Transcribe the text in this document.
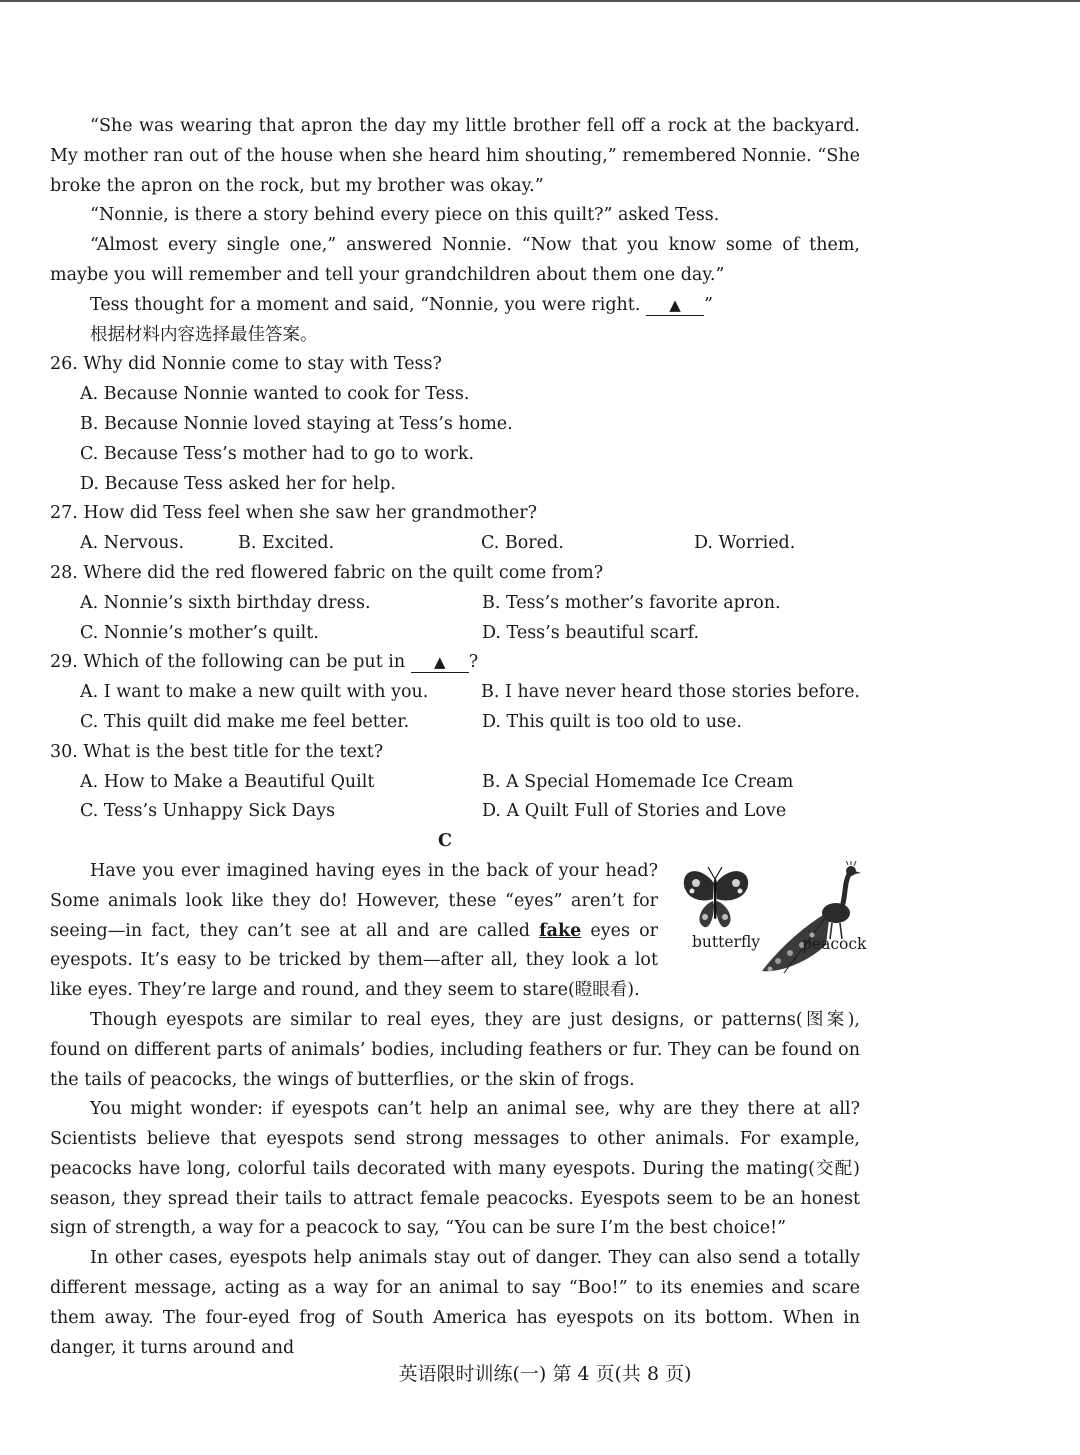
“She was wearing that apron the day my little brother fell off a rock at the backyard. My mother ran out of the house when she heard him shouting,” remembered Nonnie. “She broke the apron on the rock, but my brother was okay.”

“Nonnie, is there a story behind every piece on this quilt?” asked Tess.

“Almost every single one,” answered Nonnie. “Now that you know some of them, maybe you will remember and tell your grandchildren about them one day.”

Tess thought for a moment and said, “Nonnie, you were right. ▲ ”
根据材料内容选择最佳答案。
26. Why did Nonnie come to stay with Tess?
A. Because Nonnie wanted to cook for Tess.
B. Because Nonnie loved staying at Tess’s home.
C. Because Tess’s mother had to go to work.
D. Because Tess asked her for help.
27. How did Tess feel when she saw her grandmother?
A. Nervous.	B. Excited.	C. Bored.	D. Worried.
28. Where did the red flowered fabric on the quilt come from?
A. Nonnie’s sixth birthday dress.	B. Tess’s mother’s favorite apron.
C. Nonnie’s mother’s quilt.	D. Tess’s beautiful scarf.
29. Which of the following can be put in ▲ ?
A. I want to make a new quilt with you.	B. I have never heard those stories before.
C. This quilt did make me feel better.	D. This quilt is too old to use.
30. What is the best title for the text?
A. How to Make a Beautiful Quilt	B. A Special Homemade Ice Cream
C. Tess’s Unhappy Sick Days	D. A Quilt Full of Stories and Love
C

Have you ever imagined having eyes in the back of your head? Some animals look like they do! However, these “eyes” aren’t for seeing—in fact, they can’t see at all and are called fake eyes or eyespots. It’s easy to be tricked by them—after all, they look a lot like eyes. They’re large and round, and they seem to stare(瞪眼看).

butterfly	peacock

Though eyespots are similar to real eyes, they are just designs, or patterns(图案), found on different parts of animals’ bodies, including feathers or fur. They can be found on the tails of peacocks, the wings of butterflies, or the skin of frogs.

You might wonder: if eyespots can’t help an animal see, why are they there at all? Scientists believe that eyespots send strong messages to other animals. For example, peacocks have long, colorful tails decorated with many eyespots. During the mating(交配) season, they spread their tails to attract female peacocks. Eyespots seem to be an honest sign of strength, a way for a peacock to say, “You can be sure I’m the best choice!”

In other cases, eyespots help animals stay out of danger. They can also send a totally different message, acting as a way for an animal to say “Boo!” to its enemies and scare them away. The four-eyed frog of South America has eyespots on its bottom. When in danger, it turns around and

英语限时训练(一) 第 4 页(共 8 页)
